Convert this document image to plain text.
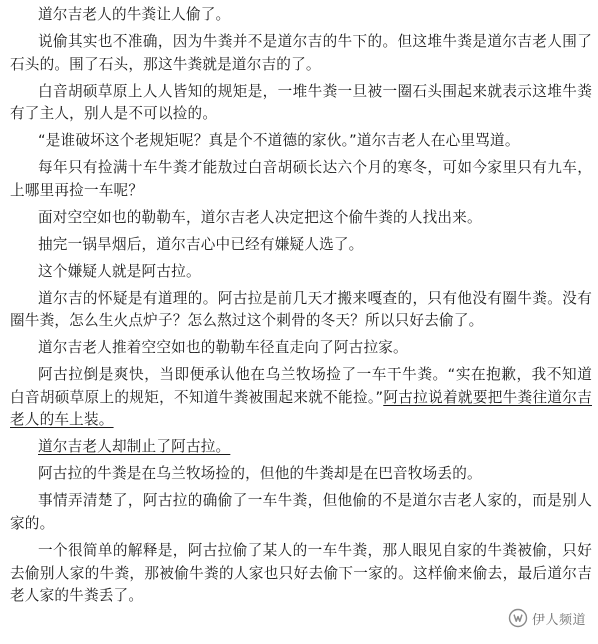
道尔吉老人的牛粪让人偷了。

说偷其实也不准确，因为牛粪并不是道尔吉的牛下的。但这堆牛粪是道尔吉老人围了石头的。围了石头，那这牛粪就是道尔吉的了。

白音胡硕草原上人人皆知的规矩是，一堆牛粪一旦被一圈石头围起来就表示这堆牛粪有了主人，别人是不可以捡的。

“是谁破坏这个老规矩呢？真是个不道德的家伙。”道尔吉老人在心里骂道。

每年只有捡满十车牛粪才能敖过白音胡硕长达六个月的寒冬，可如今家里只有九车，上哪里再捡一车呢？

面对空空如也的勒勒车，道尔吉老人决定把这个偷牛粪的人找出来。

抽完一锅旱烟后，道尔吉心中已经有嫌疑人选了。

这个嫌疑人就是阿古拉。

道尔吉的怀疑是有道理的。阿古拉是前几天才搬来嘎查的，只有他没有圈牛粪。没有圈牛粪，怎么生火点炉子？怎么熬过这个刺骨的冬天？所以只好去偷了。

道尔吉老人推着空空如也的勒勒车径直走向了阿古拉家。

阿古拉倒是爽快，当即便承认他在乌兰牧场捡了一车干牛粪。“实在抱歉，我不知道白音胡硕草原上的规矩，不知道牛粪被围起来就不能捡。”阿古拉说着就要把牛粪往道尔吉老人的车上装。

道尔吉老人却制止了阿古拉。

阿古拉的牛粪是在乌兰牧场捡的，但他的牛粪却是在巴音牧场丢的。

事情弄清楚了，阿古拉的确偷了一车牛粪，但他偷的不是道尔吉老人家的，而是别人家的。

一个很简单的解释是，阿古拉偷了某人的一车牛粪，那人眼见自家的牛粪被偷，只好去偷别人家的牛粪，那被偷牛粪的人家也只好去偷下一家的。这样偷来偷去，最后道尔吉老人家的牛粪丢了。

伊人频道
